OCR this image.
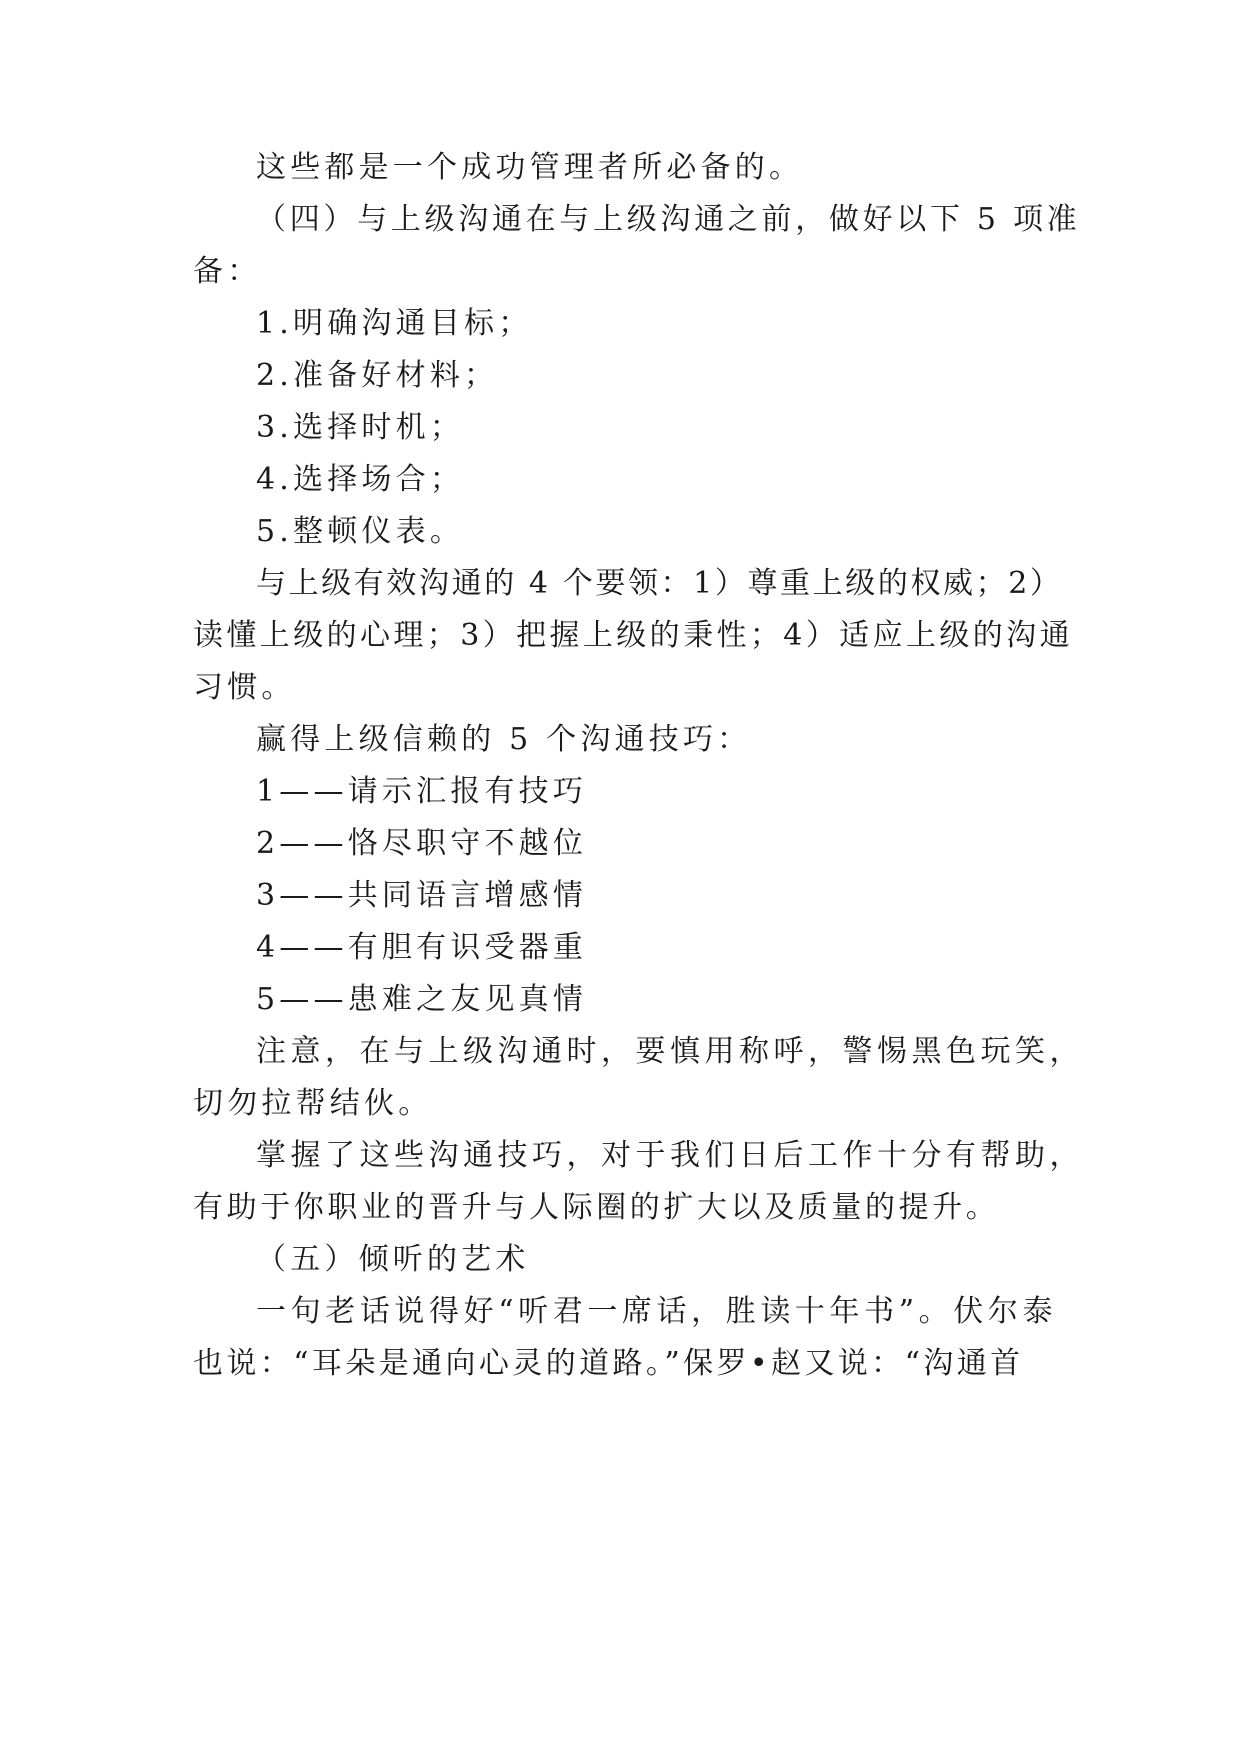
这些都是一个成功管理者所必备的。
（四）与上级沟通在与上级沟通之前，做好以下 5 项准
备：
1.明确沟通目标；
2.准备好材料；
3.选择时机；
4.选择场合；
5.整顿仪表。
与上级有效沟通的 4 个要领：1）尊重上级的权威；2）
读懂上级的心理；3）把握上级的秉性；4）适应上级的沟通
习惯。
赢得上级信赖的 5 个沟通技巧：
1——请示汇报有技巧
2——恪尽职守不越位
3——共同语言增感情
4——有胆有识受器重
5——患难之友见真情
注意，在与上级沟通时，要慎用称呼，警惕黑色玩笑，
切勿拉帮结伙。
掌握了这些沟通技巧，对于我们日后工作十分有帮助，
有助于你职业的晋升与人际圈的扩大以及质量的提升。
（五）倾听的艺术
一句老话说得好“听君一席话，胜读十年书”。伏尔泰
也说：“耳朵是通向心灵的道路。”保罗•赵又说：“沟通首
